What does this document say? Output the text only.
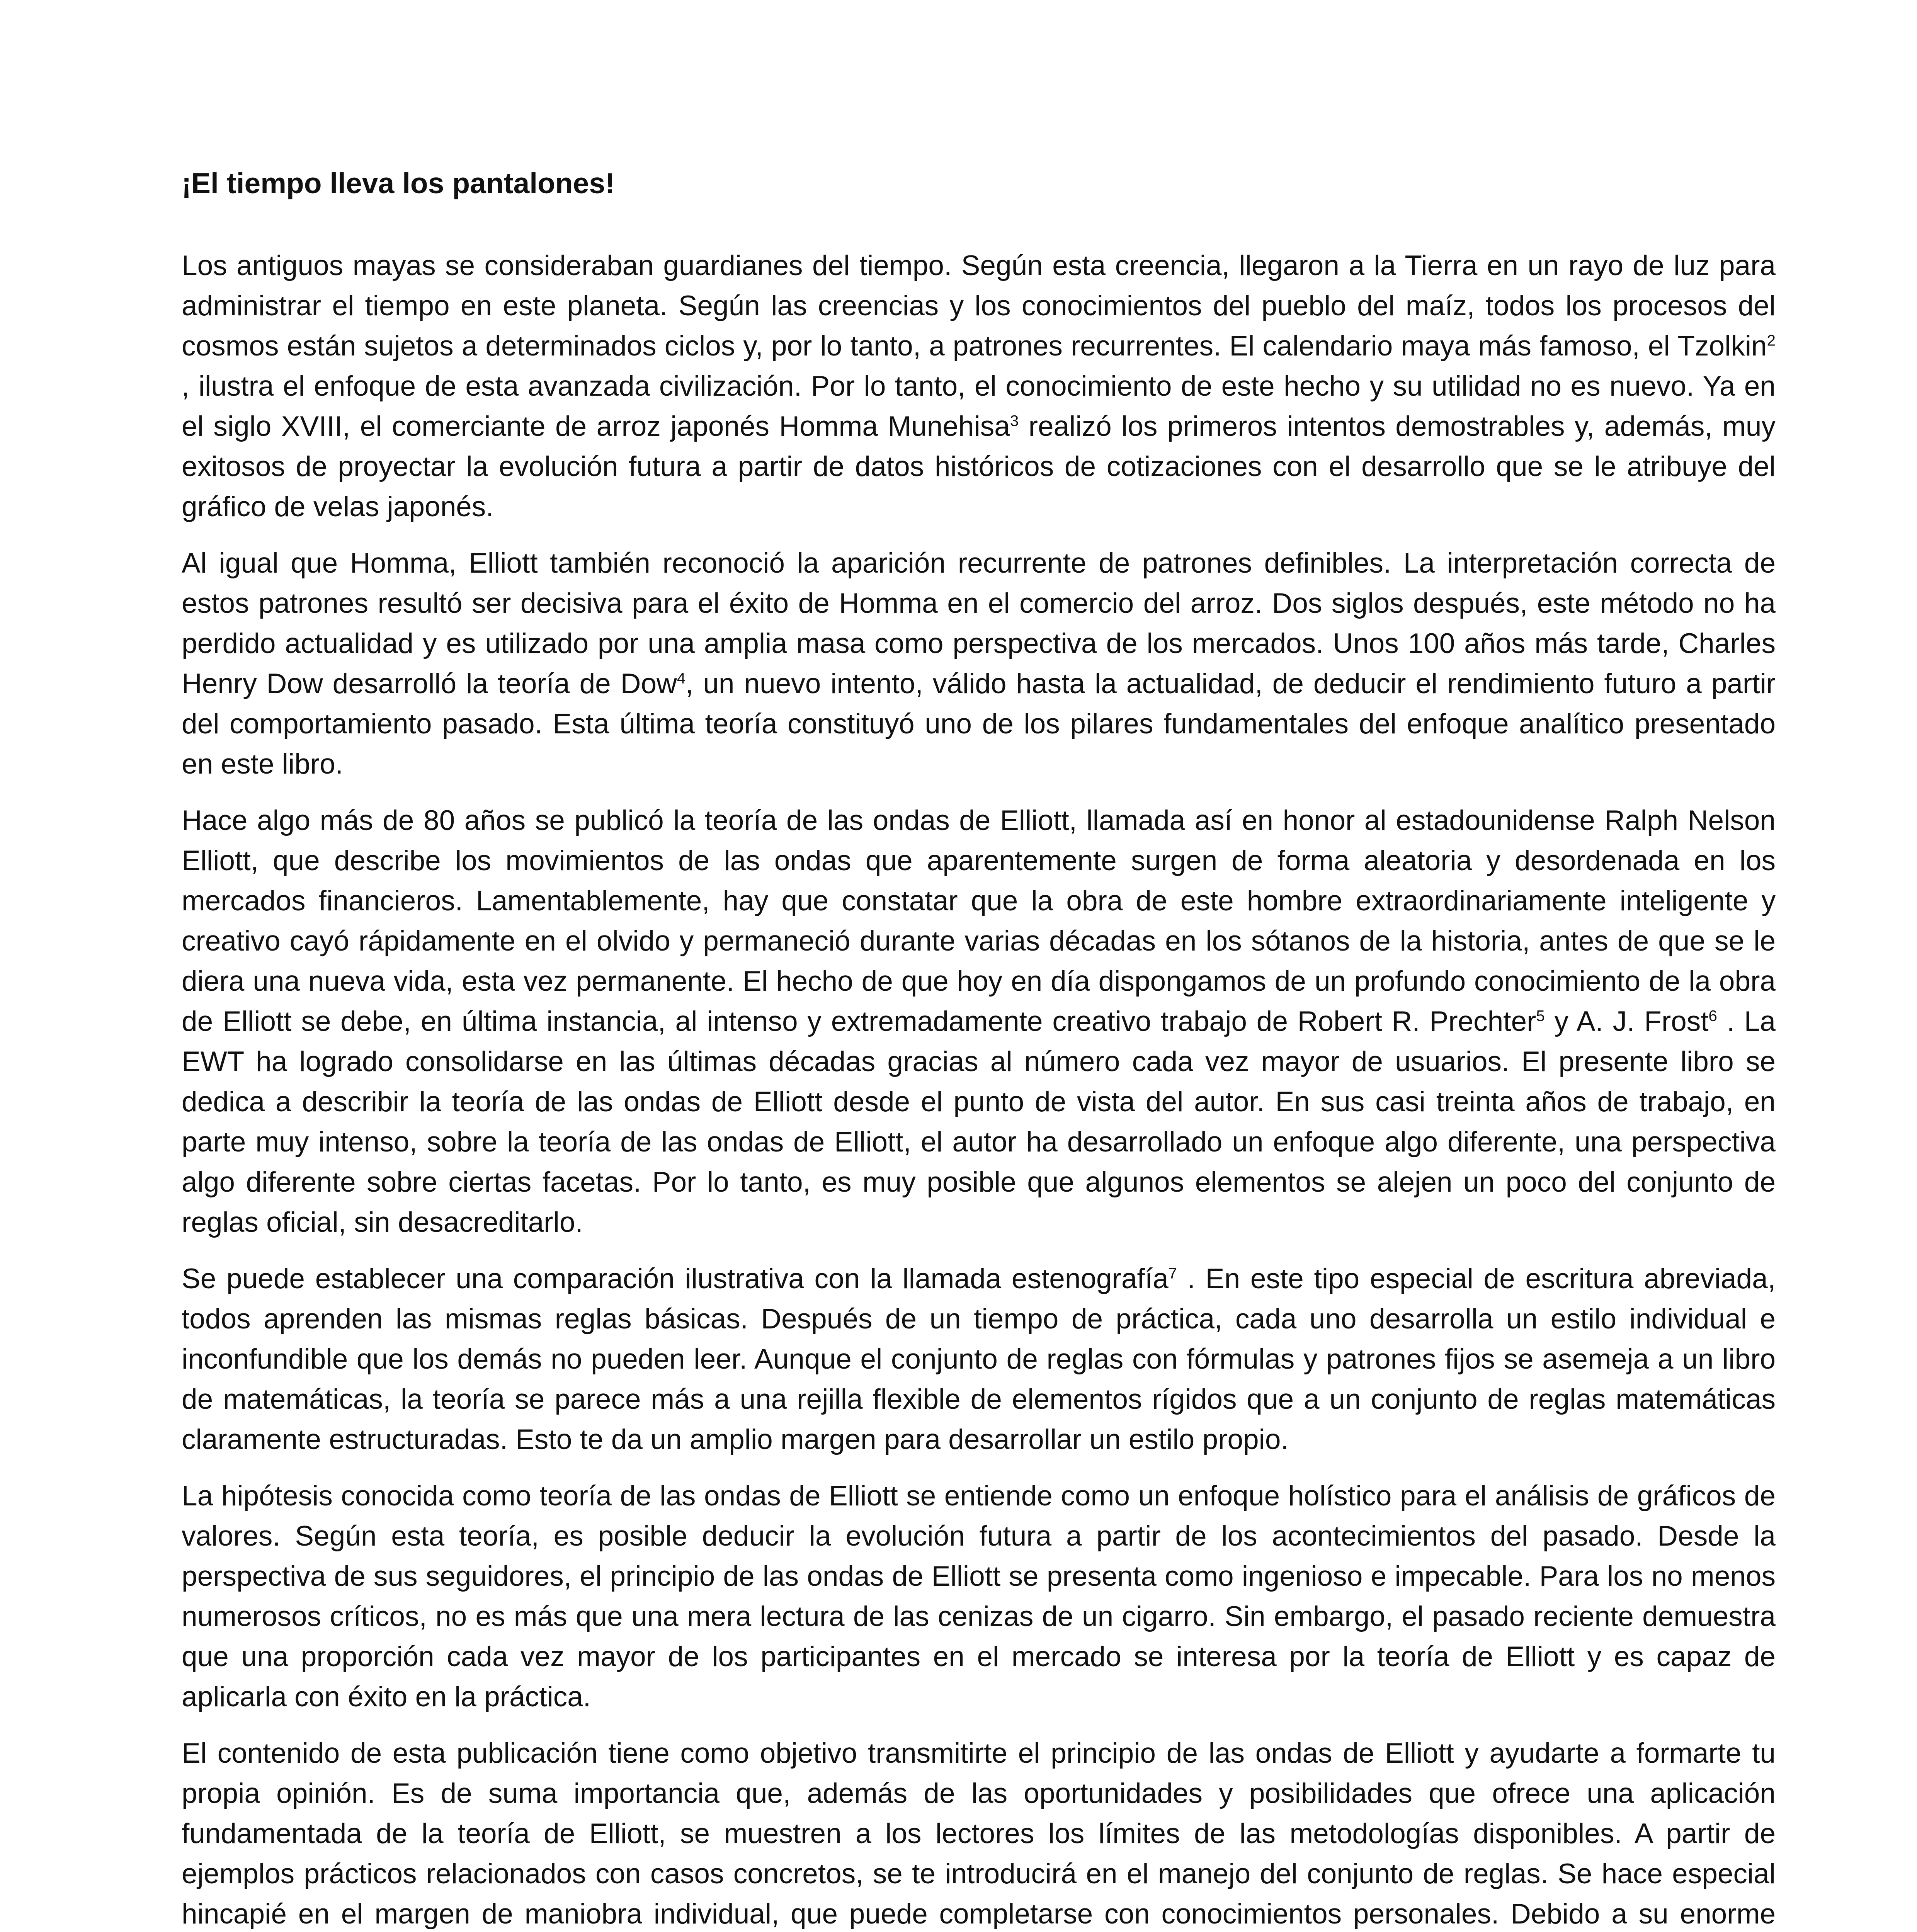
¡El tiempo lleva los pantalones!

Los antiguos mayas se consideraban guardianes del tiempo. Según esta creencia, llegaron a la Tierra en un rayo de luz para administrar el tiempo en este planeta. Según las creencias y los conocimientos del pueblo del maíz, todos los procesos del cosmos están sujetos a determinados ciclos y, por lo tanto, a patrones recurrentes. El calendario maya más famoso, el Tzolkin$^2$ , ilustra el enfoque de esta avanzada civilización. Por lo tanto, el conocimiento de este hecho y su utilidad no es nuevo. Ya en el siglo XVIII, el comerciante de arroz japonés Homma Munehisa$^3$ realizó los primeros intentos demostrables y, además, muy exitosos de proyectar la evolución futura a partir de datos históricos de cotizaciones con el desarrollo que se le atribuye del gráfico de velas japonés.

Al igual que Homma, Elliott también reconoció la aparición recurrente de patrones definibles. La interpretación correcta de estos patrones resultó ser decisiva para el éxito de Homma en el comercio del arroz. Dos siglos después, este método no ha perdido actualidad y es utilizado por una amplia masa como perspectiva de los mercados. Unos 100 años más tarde, Charles Henry Dow desarrolló la teoría de Dow$^4$, un nuevo intento, válido hasta la actualidad, de deducir el rendimiento futuro a partir del comportamiento pasado. Esta última teoría constituyó uno de los pilares fundamentales del enfoque analítico presentado en este libro.

Hace algo más de 80 años se publicó la teoría de las ondas de Elliott, llamada así en honor al estadounidense Ralph Nelson Elliott, que describe los movimientos de las ondas que aparentemente surgen de forma aleatoria y desordenada en los mercados financieros. Lamentablemente, hay que constatar que la obra de este hombre extraordinariamente inteligente y creativo cayó rápidamente en el olvido y permaneció durante varias décadas en los sótanos de la historia, antes de que se le diera una nueva vida, esta vez permanente. El hecho de que hoy en día dispongamos de un profundo conocimiento de la obra de Elliott se debe, en última instancia, al intenso y extremadamente creativo trabajo de Robert R. Prechter$^5$ y A. J. Frost$^6$ . La EWT ha logrado consolidarse en las últimas décadas gracias al número cada vez mayor de usuarios. El presente libro se dedica a describir la teoría de las ondas de Elliott desde el punto de vista del autor. En sus casi treinta años de trabajo, en parte muy intenso, sobre la teoría de las ondas de Elliott, el autor ha desarrollado un enfoque algo diferente, una perspectiva algo diferente sobre ciertas facetas. Por lo tanto, es muy posible que algunos elementos se alejen un poco del conjunto de reglas oficial, sin desacreditarlo.

Se puede establecer una comparación ilustrativa con la llamada estenografía$^7$ . En este tipo especial de escritura abreviada, todos aprenden las mismas reglas básicas. Después de un tiempo de práctica, cada uno desarrolla un estilo individual e inconfundible que los demás no pueden leer. Aunque el conjunto de reglas con fórmulas y patrones fijos se asemeja a un libro de matemáticas, la teoría se parece más a una rejilla flexible de elementos rígidos que a un conjunto de reglas matemáticas claramente estructuradas. Esto te da un amplio margen para desarrollar un estilo propio.

La hipótesis conocida como teoría de las ondas de Elliott se entiende como un enfoque holístico para el análisis de gráficos de valores. Según esta teoría, es posible deducir la evolución futura a partir de los acontecimientos del pasado. Desde la perspectiva de sus seguidores, el principio de las ondas de Elliott se presenta como ingenioso e impecable. Para los no menos numerosos críticos, no es más que una mera lectura de las cenizas de un cigarro. Sin embargo, el pasado reciente demuestra que una proporción cada vez mayor de los participantes en el mercado se interesa por la teoría de Elliott y es capaz de aplicarla con éxito en la práctica.

El contenido de esta publicación tiene como objetivo transmitirte el principio de las ondas de Elliott y ayudarte a formarte tu propia opinión. Es de suma importancia que, además de las oportunidades y posibilidades que ofrece una aplicación fundamentada de la teoría de Elliott, se muestren a los lectores los límites de las metodologías disponibles. A partir de ejemplos prácticos relacionados con casos concretos, se te introducirá en el manejo del conjunto de reglas. Se hace especial hincapié en el margen de maniobra individual, que puede completarse con conocimientos personales. Debido a su enorme
